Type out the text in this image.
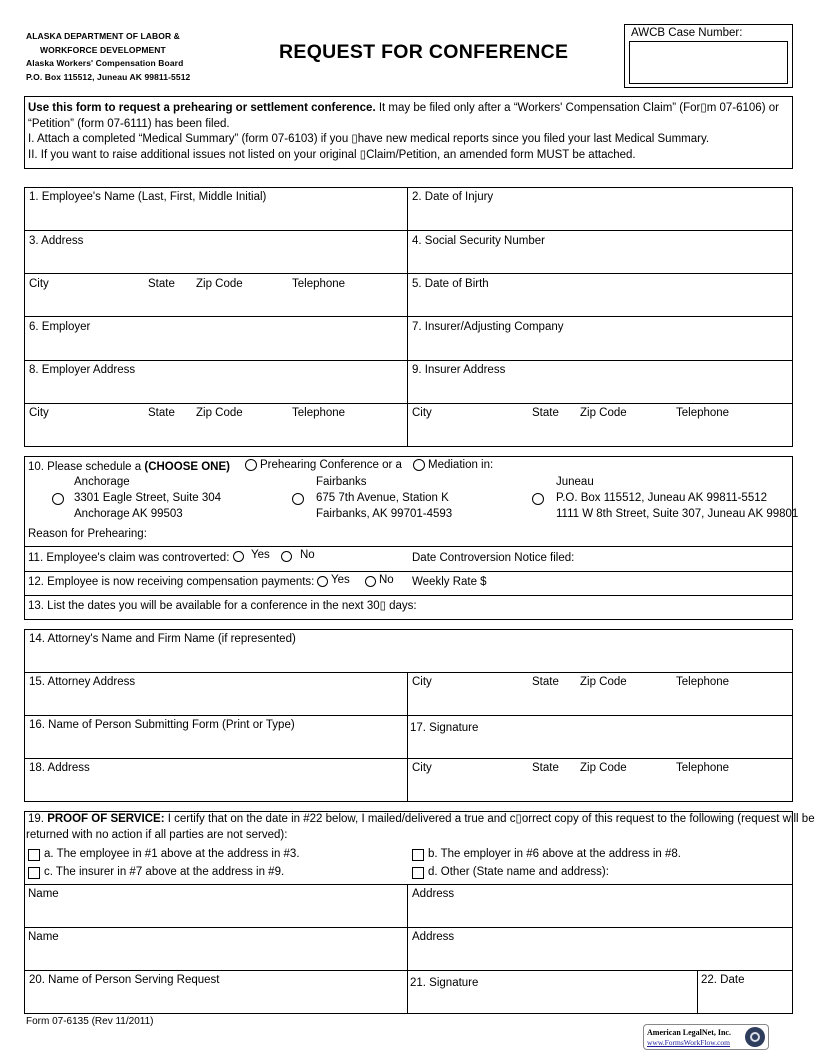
ALASKA DEPARTMENT OF LABOR &
WORKFORCE DEVELOPMENT
Alaska Workers' Compensation Board
P.O. Box 115512, Juneau AK 99811-5512
REQUEST FOR CONFERENCE
AWCB Case Number:
Use this form to request a prehearing or settlement conference. It may be filed only after a “Workers' Compensation Claim” (For▯m 07-6106) or
“Petition” (form 07-6111) has been filed.
I. Attach a completed “Medical Summary” (form 07-6103) if you ▯have new medical reports since you filed your last Medical Summary.
II. If you want to raise additional issues not listed on your original ▯Claim/Petition, an amended form MUST be attached.
1. Employee's Name (Last, First, Middle Initial)	2. Date of Injury
3. Address	4. Social Security Number
City	State Zip Code	Telephone	5. Date of Birth
6. Employer	7. Insurer/Adjusting Company
8. Employer Address	9. Insurer Address
City	State Zip Code	Telephone	City	State Zip Code	Telephone
10. Please schedule a (CHOOSE ONE)	Prehearing Conference or a Mediation in:
Anchorage
3301 Eagle Street, Suite 304
Anchorage AK 99503
Fairbanks
675 7th Avenue, Station K
Fairbanks, AK 99701-4593
Juneau
P.O. Box 115512, Juneau AK 99811-5512
1111 W 8th Street, Suite 307, Juneau AK 99801
Reason for Prehearing:
11. Employee's claim was controverted: Yes	No	Date Controversion Notice filed:
12. Employee is now receiving compensation payments: Yes	No Weekly Rate $
13. List the dates you will be available for a conference in the next 30▯ days:
14. Attorney's Name and Firm Name (if represented)
15. Attorney Address	City	State Zip Code	Telephone
16. Name of Person Submitting Form (Print or Type)	17. Signature
18. Address	City	State Zip Code	Telephone
19. PROOF OF SERVICE: I certify that on the date in #22 below, I mailed/delivered a true and c▯orrect copy of this request to the following (request will be
returned with no action if all parties are not served):
a. The employee in #1 above at the address in #3.	b. The employer in #6 above at the address in #8.
c. The insurer in #7 above at the address in #9.	d. Other (State name and address):
Name	Address
Name	Address
20. Name of Person Serving Request	21. Signature	22. Date
Form 07-6135 (Rev 11/2011)
American LegalNet, Inc.
www.FormsWorkFlow.com
